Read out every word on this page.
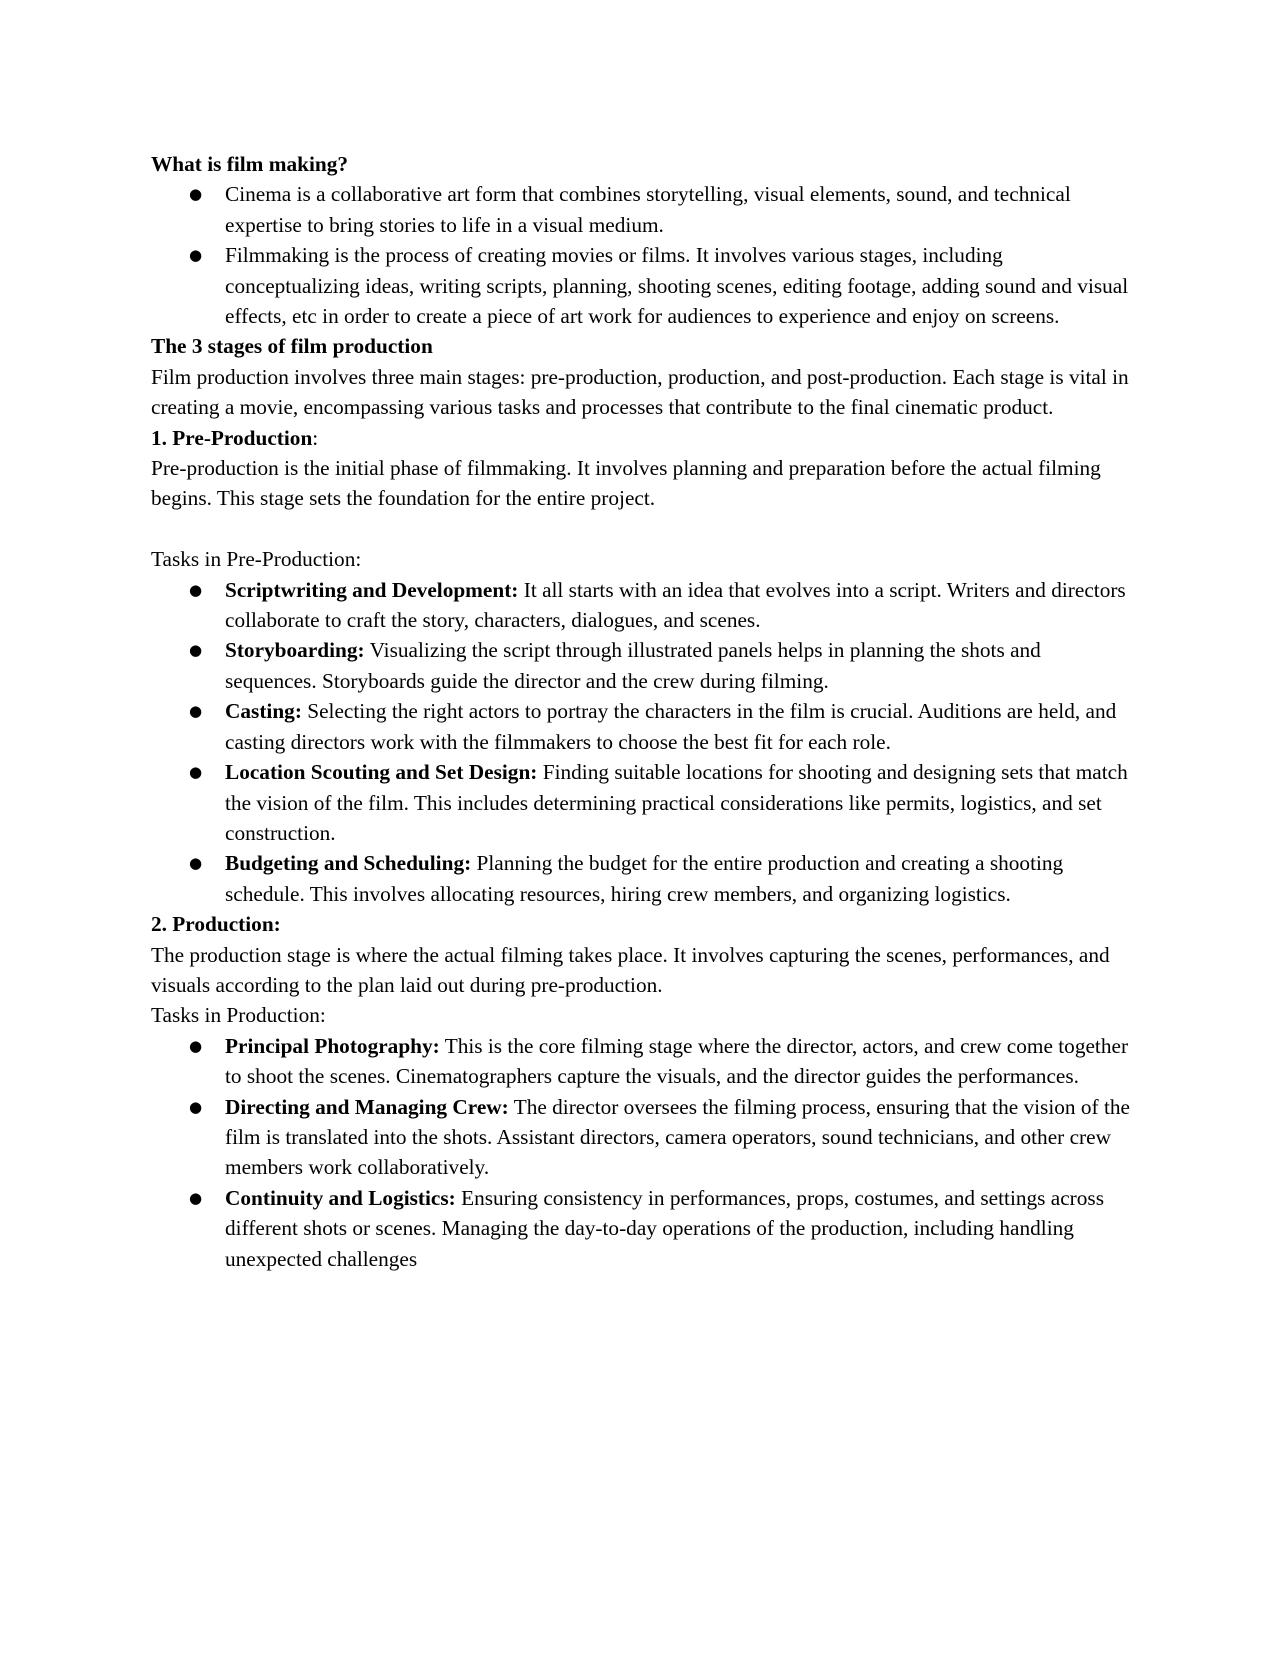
What is film making?

● Cinema is a collaborative art form that combines storytelling, visual elements, sound, and technical expertise to bring stories to life in a visual medium.
● Filmmaking is the process of creating movies or films. It involves various stages, including conceptualizing ideas, writing scripts, planning, shooting scenes, editing footage, adding sound and visual effects, etc in order to create a piece of art work for audiences to experience and enjoy on screens.

The 3 stages of film production

Film production involves three main stages: pre-production, production, and post-production. Each stage is vital in creating a movie, encompassing various tasks and processes that contribute to the final cinematic product.

1. Pre-Production:

Pre-production is the initial phase of filmmaking. It involves planning and preparation before the actual filming begins. This stage sets the foundation for the entire project.

Tasks in Pre-Production:

● Scriptwriting and Development: It all starts with an idea that evolves into a script. Writers and directors collaborate to craft the story, characters, dialogues, and scenes.
● Storyboarding: Visualizing the script through illustrated panels helps in planning the shots and sequences. Storyboards guide the director and the crew during filming.
● Casting: Selecting the right actors to portray the characters in the film is crucial. Auditions are held, and casting directors work with the filmmakers to choose the best fit for each role.
● Location Scouting and Set Design: Finding suitable locations for shooting and designing sets that match the vision of the film. This includes determining practical considerations like permits, logistics, and set construction.
● Budgeting and Scheduling: Planning the budget for the entire production and creating a shooting schedule. This involves allocating resources, hiring crew members, and organizing logistics.

2. Production:

The production stage is where the actual filming takes place. It involves capturing the scenes, performances, and visuals according to the plan laid out during pre-production.

Tasks in Production:

● Principal Photography: This is the core filming stage where the director, actors, and crew come together to shoot the scenes. Cinematographers capture the visuals, and the director guides the performances.
● Directing and Managing Crew: The director oversees the filming process, ensuring that the vision of the film is translated into the shots. Assistant directors, camera operators, sound technicians, and other crew members work collaboratively.
● Continuity and Logistics: Ensuring consistency in performances, props, costumes, and settings across different shots or scenes. Managing the day-to-day operations of the production, including handling unexpected challenges
